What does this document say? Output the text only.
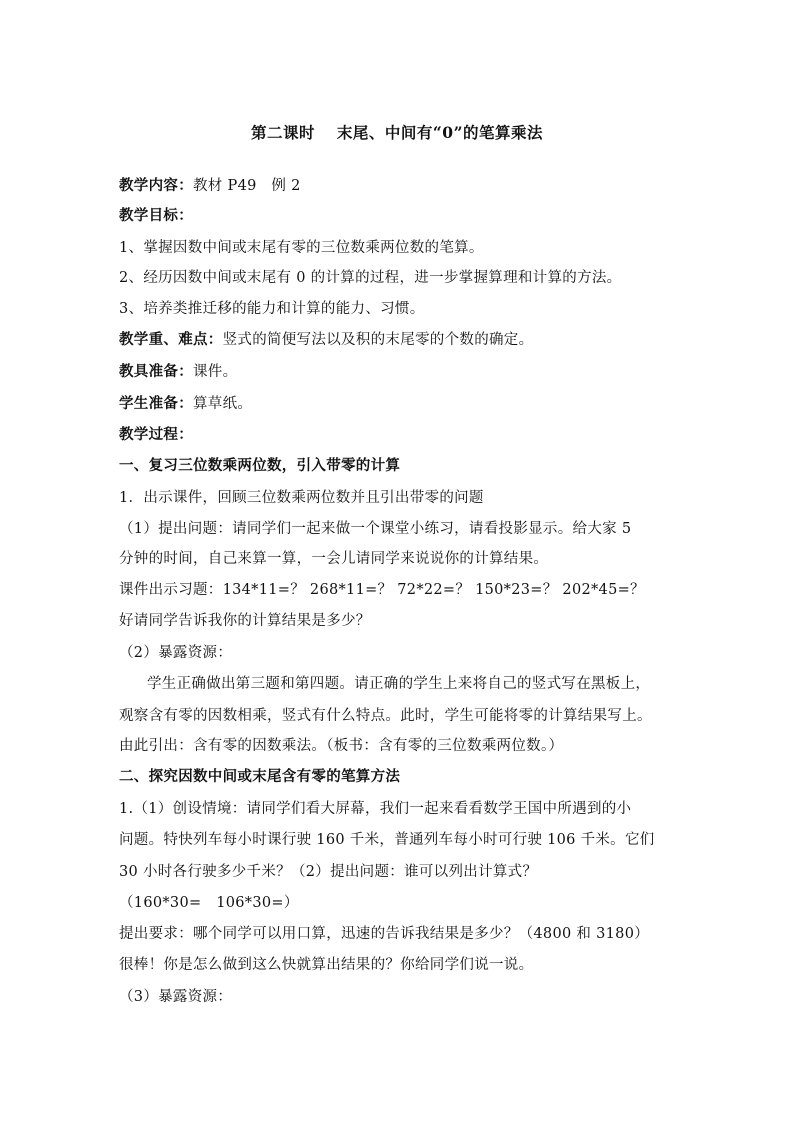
第二课时　 末尾、中间有“0”的笔算乘法
教学内容：教材 P49　例 2
教学目标：
1、掌握因数中间或末尾有零的三位数乘两位数的笔算。
2、经历因数中间或末尾有 0 的计算的过程，进一步掌握算理和计算的方法。
3、培养类推迁移的能力和计算的能力、习惯。
教学重、难点：竖式的简便写法以及积的末尾零的个数的确定。
教具准备：课件。
学生准备：算草纸。
教学过程：
一、复习三位数乘两位数，引入带零的计算
1．出示课件，回顾三位数乘两位数并且引出带零的问题
（1）提出问题：请同学们一起来做一个课堂小练习，请看投影显示。给大家 5
分钟的时间，自己来算一算，一会儿请同学来说说你的计算结果。
课件出示习题：134*11=？ 268*11=？ 72*22=？ 150*23=？ 202*45=？
好请同学告诉我你的计算结果是多少？
（2）暴露资源：
学生正确做出第三题和第四题。请正确的学生上来将自己的竖式写在黑板上，
观察含有零的因数相乘，竖式有什么特点。此时，学生可能将零的计算结果写上。
由此引出：含有零的因数乘法。（板书：含有零的三位数乘两位数。）
二、探究因数中间或末尾含有零的笔算方法
1.（1）创设情境：请同学们看大屏幕，我们一起来看看数学王国中所遇到的小
问题。特快列车每小时课行驶 160 千米，普通列车每小时可行驶 106 千米。它们
30 小时各行驶多少千米？（2）提出问题：谁可以列出计算式？
（160*30=　106*30=）
提出要求：哪个同学可以用口算，迅速的告诉我结果是多少？（4800 和 3180）
很棒！你是怎么做到这么快就算出结果的？你给同学们说一说。
（3）暴露资源：
